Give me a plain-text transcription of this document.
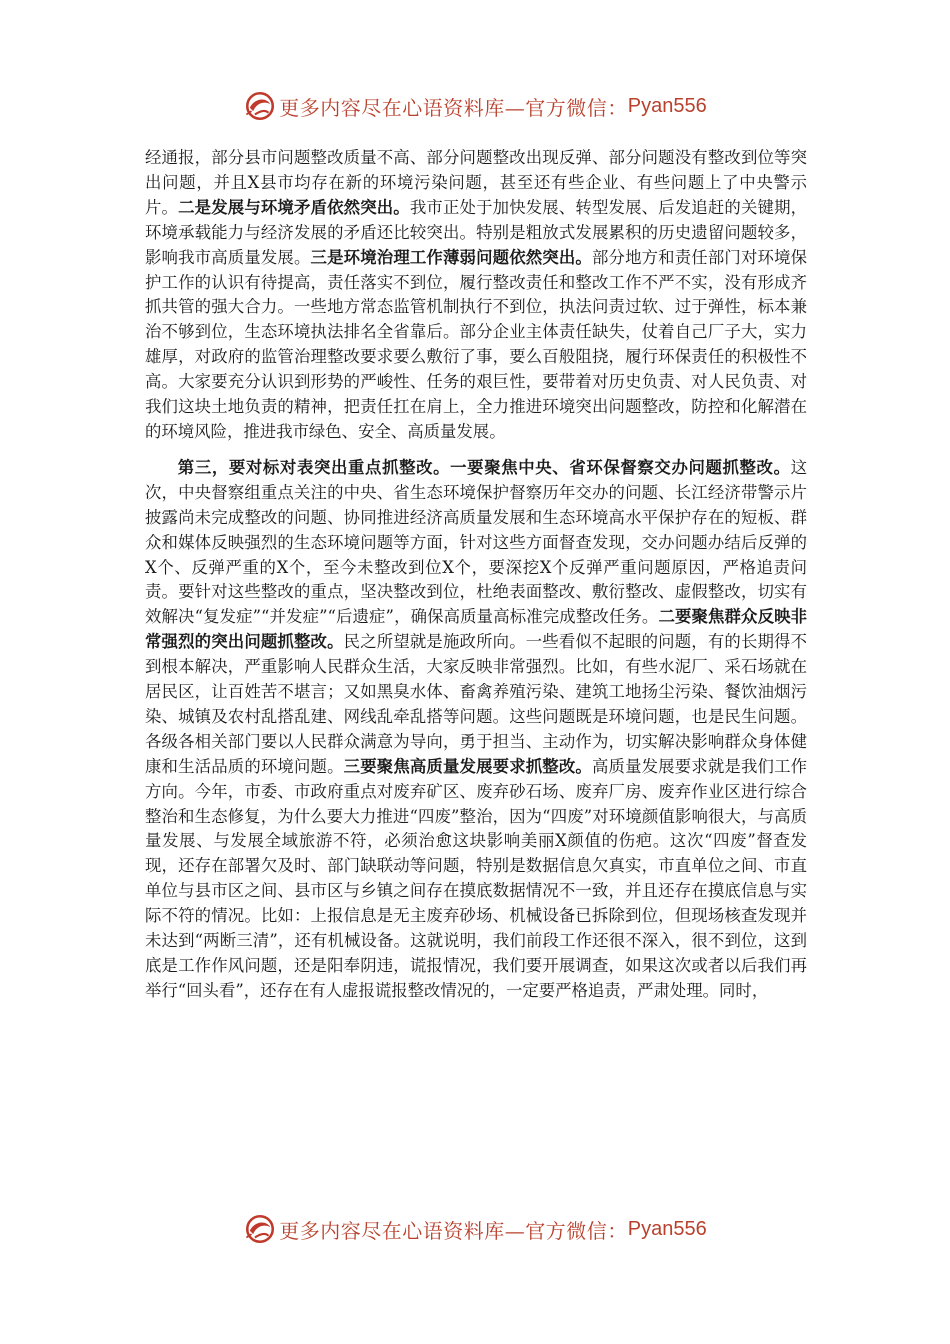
更多内容尽在心语资料库—官方微信： Pyan556

经通报，部分县市问题整改质量不高、部分问题整改出现反弹、部分问题没有整改到位等突出问题，并且X县市均存在新的环境污染问题，甚至还有些企业、有些问题上了中央警示片。二是发展与环境矛盾依然突出。我市正处于加快发展、转型发展、后发追赶的关键期，环境承载能力与经济发展的矛盾还比较突出。特别是粗放式发展累积的历史遗留问题较多，影响我市高质量发展。三是环境治理工作薄弱问题依然突出。部分地方和责任部门对环境保护工作的认识有待提高，责任落实不到位，履行整改责任和整改工作不严不实，没有形成齐抓共管的强大合力。一些地方常态监管机制执行不到位，执法问责过软、过于弹性，标本兼治不够到位，生态环境执法排名全省靠后。部分企业主体责任缺失，仗着自己厂子大，实力雄厚，对政府的监管治理整改要求要么敷衍了事，要么百般阻挠，履行环保责任的积极性不高。大家要充分认识到形势的严峻性、任务的艰巨性，要带着对历史负责、对人民负责、对我们这块土地负责的精神，把责任扛在肩上，全力推进环境突出问题整改，防控和化解潜在的环境风险，推进我市绿色、安全、高质量发展。

第三，要对标对表突出重点抓整改。一要聚焦中央、省环保督察交办问题抓整改。这次，中央督察组重点关注的中央、省生态环境保护督察历年交办的问题、长江经济带警示片披露尚未完成整改的问题、协同推进经济高质量发展和生态环境高水平保护存在的短板、群众和媒体反映强烈的生态环境问题等方面，针对这些方面督查发现，交办问题办结后反弹的X个、反弹严重的X个，至今未整改到位X个，要深挖X个反弹严重问题原因，严格追责问责。要针对这些整改的重点，坚决整改到位，杜绝表面整改、敷衍整改、虚假整改，切实有效解决“复发症”“并发症”“后遗症”，确保高质量高标准完成整改任务。二要聚焦群众反映非常强烈的突出问题抓整改。民之所望就是施政所向。一些看似不起眼的问题，有的长期得不到根本解决，严重影响人民群众生活，大家反映非常强烈。比如，有些水泥厂、采石场就在居民区，让百姓苦不堪言；又如黑臭水体、畜禽养殖污染、建筑工地扬尘污染、餐饮油烟污染、城镇及农村乱搭乱建、网线乱牵乱搭等问题。这些问题既是环境问题，也是民生问题。各级各相关部门要以人民群众满意为导向，勇于担当、主动作为，切实解决影响群众身体健康和生活品质的环境问题。三要聚焦高质量发展要求抓整改。高质量发展要求就是我们工作方向。今年，市委、市政府重点对废弃矿区、废弃砂石场、废弃厂房、废弃作业区进行综合整治和生态修复，为什么要大力推进“四废”整治，因为“四废”对环境颜值影响很大，与高质量发展、与发展全域旅游不符，必须治愈这块影响美丽X颜值的伤疤。这次“四废”督查发现，还存在部署欠及时、部门缺联动等问题，特别是数据信息欠真实，市直单位之间、市直单位与县市区之间、县市区与乡镇之间存在摸底数据情况不一致，并且还存在摸底信息与实际不符的情况。比如：上报信息是无主废弃砂场、机械设备已拆除到位，但现场核查发现并未达到“两断三清”，还有机械设备。这就说明，我们前段工作还很不深入，很不到位，这到底是工作作风问题，还是阳奉阴违，谎报情况，我们要开展调查，如果这次或者以后我们再举行“回头看”，还存在有人虚报谎报整改情况的，一定要严格追责，严肃处理。同时，

更多内容尽在心语资料库—官方微信： Pyan556
